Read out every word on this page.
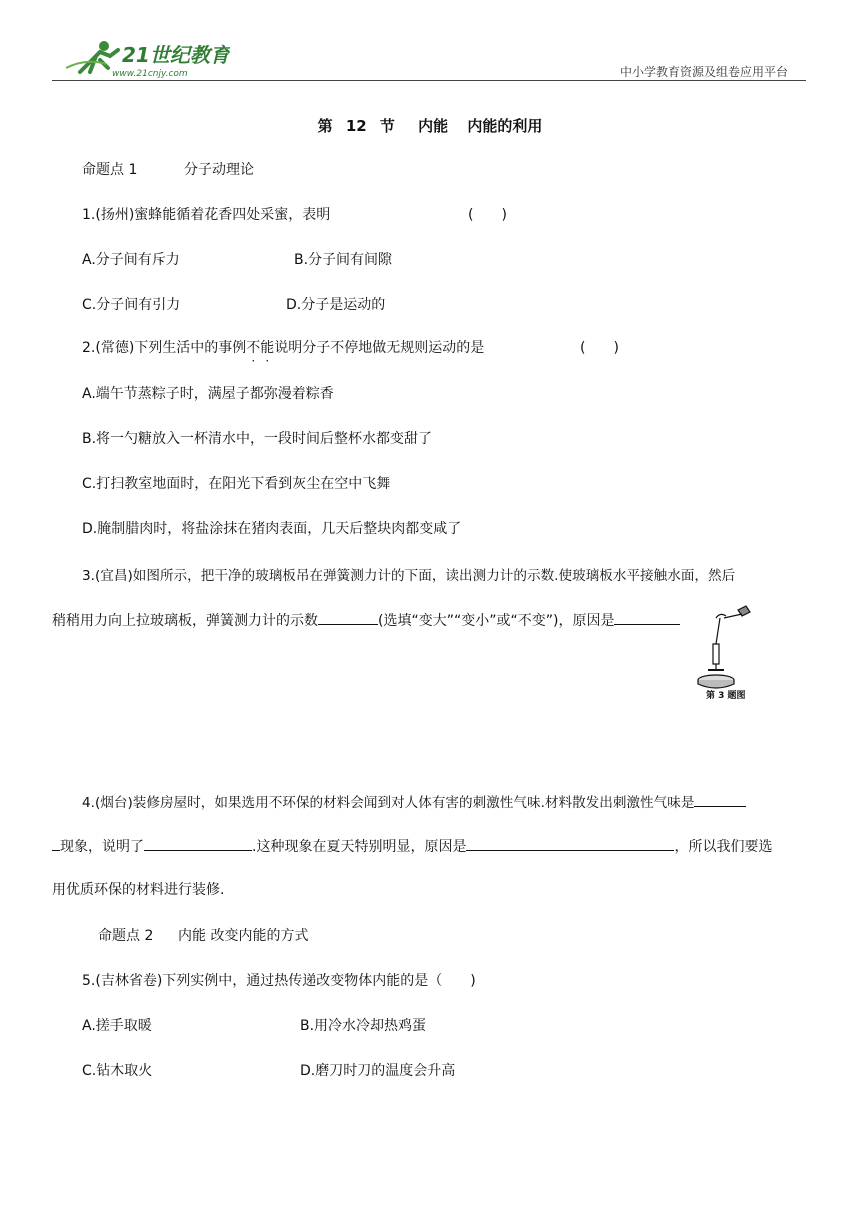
21世纪教育
www.21cnjy.com	中小学教育资源及组卷应用平台
第 12 节 内能 内能的利用
命题点 1	分子动理论
1.(扬州)蜜蜂能循着花香四处采蜜，表明	(　　)
A.分子间有斥力	B.分子间有间隙
C.分子间有引力	D.分子是运动的
2.(常德)下列生活中的事例不能说明分子不停地做无规则运动的是	(　　)
A.端午节蒸粽子时，满屋子都弥漫着粽香
B.将一勺糖放入一杯清水中，一段时间后整杯水都变甜了
C.打扫教室地面时，在阳光下看到灰尘在空中飞舞
D.腌制腊肉时，将盐涂抹在猪肉表面，几天后整块肉都变咸了
3.(宜昌)如图所示，把干净的玻璃板吊在弹簧测力计的下面，读出测力计的示数.使玻璃板水平接触水面，然后
稍稍用力向上拉玻璃板，弹簧测力计的示数	(选填“变大”“变小”或“不变”)，原因是
第 3 题图
4.(烟台)装修房屋时，如果选用不环保的材料会闻到对人体有害的刺激性气味.材料散发出刺激性气味是
现象，说明了	.这种现象在夏天特别明显，原因是	，所以我们要选
用优质环保的材料进行装修.
命题点 2 内能 改变内能的方式
5.(吉林省卷)下列实例中，通过热传递改变物体内能的是（　　)
A.搓手取暖	B.用冷水冷却热鸡蛋
C.钻木取火	D.磨刀时刀的温度会升高
